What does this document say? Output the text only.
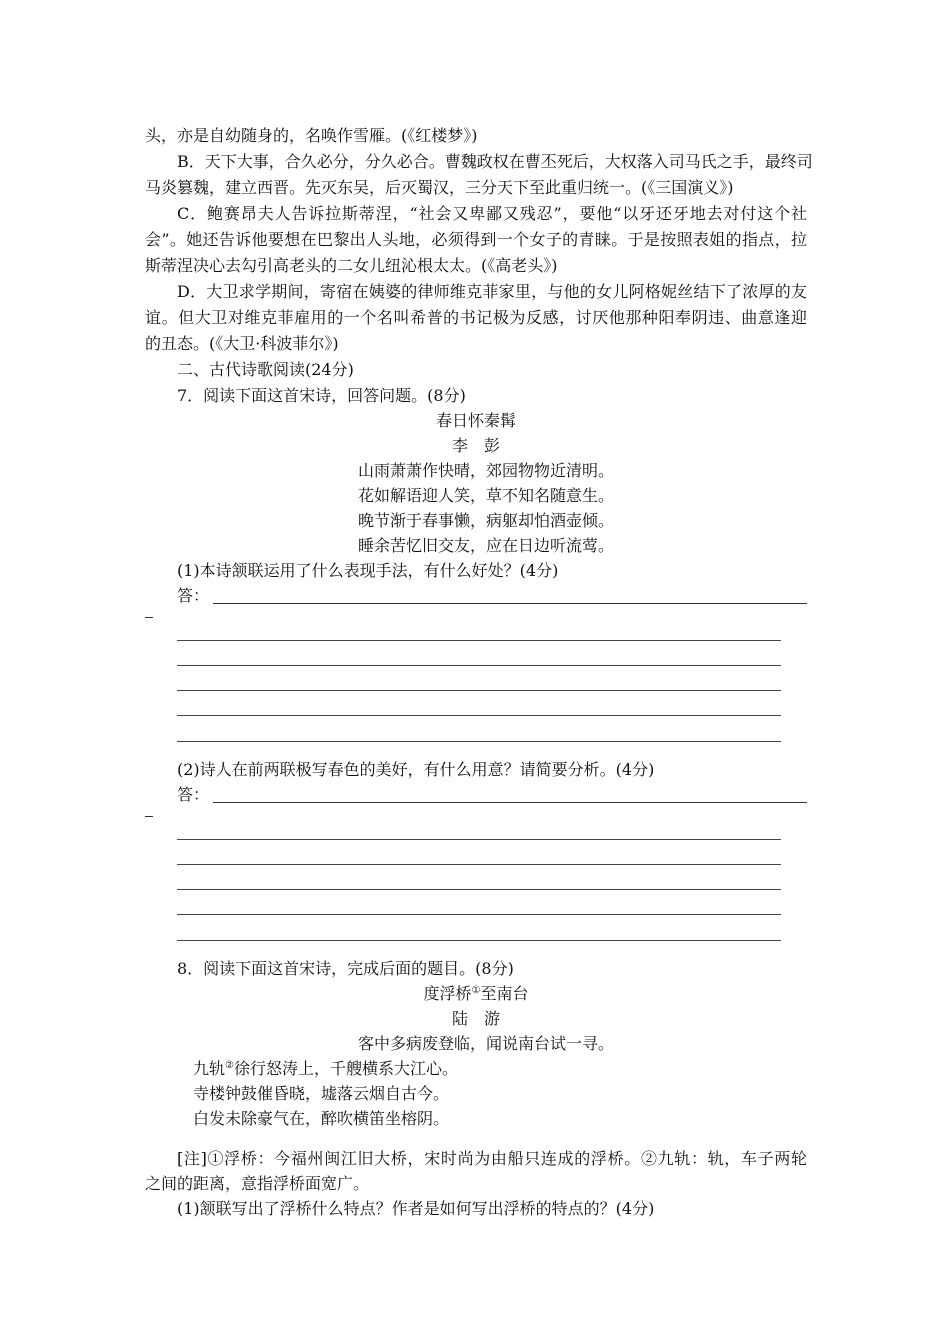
头，亦是自幼随身的，名唤作雪雁。(《红楼梦》)
B．天下大事，合久必分，分久必合。曹魏政权在曹丕死后，大权落入司马氏之手，最终司
马炎篡魏，建立西晋。先灭东吴，后灭蜀汉，三分天下至此重归统一。(《三国演义》)
C．鲍赛昂夫人告诉拉斯蒂涅，“社会又卑鄙又残忍”，要他“以牙还牙地去对付这个社
会”。她还告诉他要想在巴黎出人头地，必须得到一个女子的青睐。于是按照表姐的指点，拉
斯蒂涅决心去勾引高老头的二女儿纽沁根太太。(《高老头》)
D．大卫求学期间，寄宿在姨婆的律师维克菲家里，与他的女儿阿格妮丝结下了浓厚的友
谊。但大卫对维克菲雇用的一个名叫希普的书记极为反感，讨厌他那种阳奉阴违、曲意逢迎
的丑态。(《大卫·科波菲尔》)
二、古代诗歌阅读(24分)
7．阅读下面这首宋诗，回答问题。(8分)
春日怀秦髯
李　彭
山雨萧萧作快晴，郊园物物近清明。
花如解语迎人笑，草不知名随意生。
晚节渐于春事懒，病躯却怕酒壶倾。
睡余苦忆旧交友，应在日边听流莺。
(1)本诗颔联运用了什么表现手法，有什么好处？(4分)
答：
(2)诗人在前两联极写春色的美好，有什么用意？请简要分析。(4分)
答：
8．阅读下面这首宋诗，完成后面的题目。(8分)
度浮桥①至南台
陆　游
客中多病废登临，闻说南台试一寻。
九轨②徐行怒涛上，千艘横系大江心。
寺楼钟鼓催昏晓，墟落云烟自古今。
白发未除豪气在，醉吹横笛坐榕阴。
[注]①浮桥：今福州闽江旧大桥，宋时尚为由船只连成的浮桥。②九轨：轨，车子两轮
之间的距离，意指浮桥面宽广。
(1)颔联写出了浮桥什么特点？作者是如何写出浮桥的特点的？(4分)
